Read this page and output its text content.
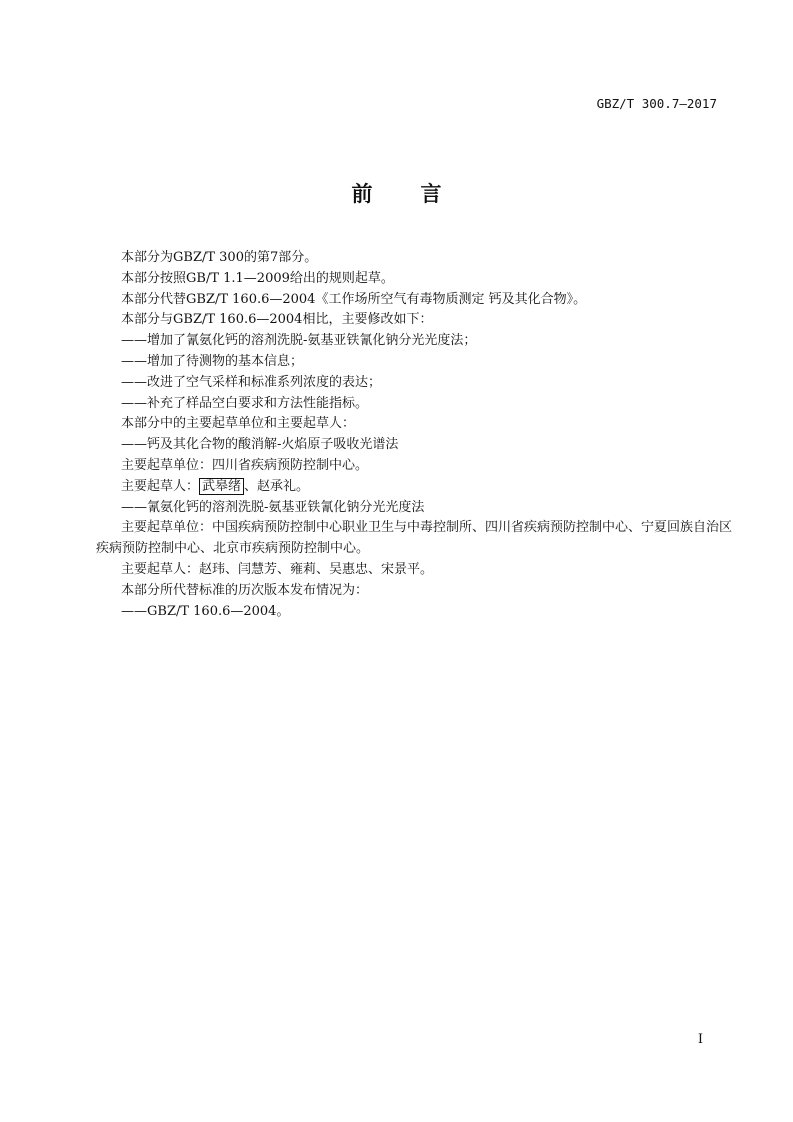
GBZ/T 300.7—2017
前 言
本部分为GBZ/T 300的第7部分。
本部分按照GB/T 1.1—2009给出的规则起草。
本部分代替GBZ/T 160.6—2004《工作场所空气有毒物质测定 钙及其化合物》。
本部分与GBZ/T 160.6—2004相比，主要修改如下：
——增加了氰氨化钙的溶剂洗脱-氨基亚铁氰化钠分光光度法；
——增加了待测物的基本信息；
——改进了空气采样和标准系列浓度的表达；
——补充了样品空白要求和方法性能指标。
本部分中的主要起草单位和主要起草人：
——钙及其化合物的酸消解-火焰原子吸收光谱法
主要起草单位：四川省疾病预防控制中心。
主要起草人： 武皋绪 、赵承礼。
——氰氨化钙的溶剂洗脱-氨基亚铁氰化钠分光光度法
主要起草单位：中国疾病预防控制中心职业卫生与中毒控制所、四川省疾病预防控制中心、宁夏回族自治区疾病预防控制中心、北京市疾病预防控制中心。
主要起草人：赵玮、闫慧芳、雍莉、吴惠忠、宋景平。
本部分所代替标准的历次版本发布情况为：
——GBZ/T 160.6—2004。
I
